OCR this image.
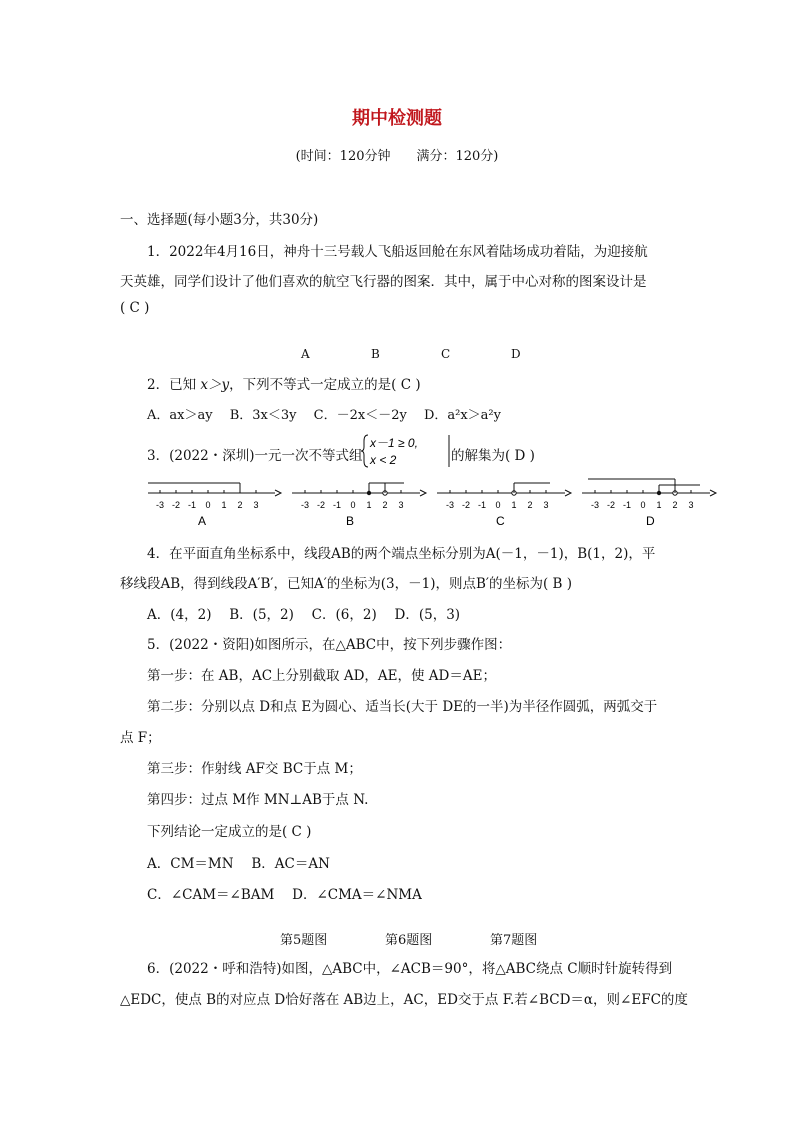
期中检测题
(时间：120分钟　　满分：120分)
一、选择题(每小题3分，共30分)
1．2022年4月16日，神舟十三号载人飞船返回舱在东风着陆场成功着陆，为迎接航
天英雄，同学们设计了他们喜欢的航空飞行器的图案．其中，属于中心对称的图案设计是
( C )
A	B	C	D
2．已知 x＞y，下列不等式一定成立的是( C )
A．ax＞ay　 B．3x＜3y　 C．－2x＜－2y　 D．a²x＞a²y
3．(2022・深圳)一元一次不等式组
x－1 ≥ 0,
x < 2	的解集为( D )
-3 -2 -1 0 1 2 3	-3 -2 -1 0 1 2 3	-3 -2 -1 0 1 2 3	-3 -2 -1 0 1 2 3
A	B	C	D
4．在平面直角坐标系中，线段AB的两个端点坐标分别为A(－1，－1)，B(1，2)，平
移线段AB，得到线段A′B′，已知A′的坐标为(3，－1)，则点B′的坐标为( B )
A．(4，2)　 B．(5，2)　 C．(6，2)　 D．(5，3)
5．(2022・资阳)如图所示，在△ABC中，按下列步骤作图：
第一步：在 AB，AC上分别截取 AD，AE，使 AD＝AE；
第二步：分别以点 D和点 E为圆心、适当长(大于 DE的一半)为半径作圆弧，两弧交于
点 F；
第三步：作射线 AF交 BC于点 M；
第四步：过点 M作 MN⊥AB于点 N.
下列结论一定成立的是( C )
A．CM＝MN　 B．AC＝AN
C．∠CAM＝∠BAM　 D．∠CMA＝∠NMA
第5题图	第6题图	第7题图
6．(2022・呼和浩特)如图，△ABC中，∠ACB＝90°，将△ABC绕点 C顺时针旋转得到
△EDC，使点 B的对应点 D恰好落在 AB边上，AC，ED交于点 F.若∠BCD＝α，则∠EFC的度
